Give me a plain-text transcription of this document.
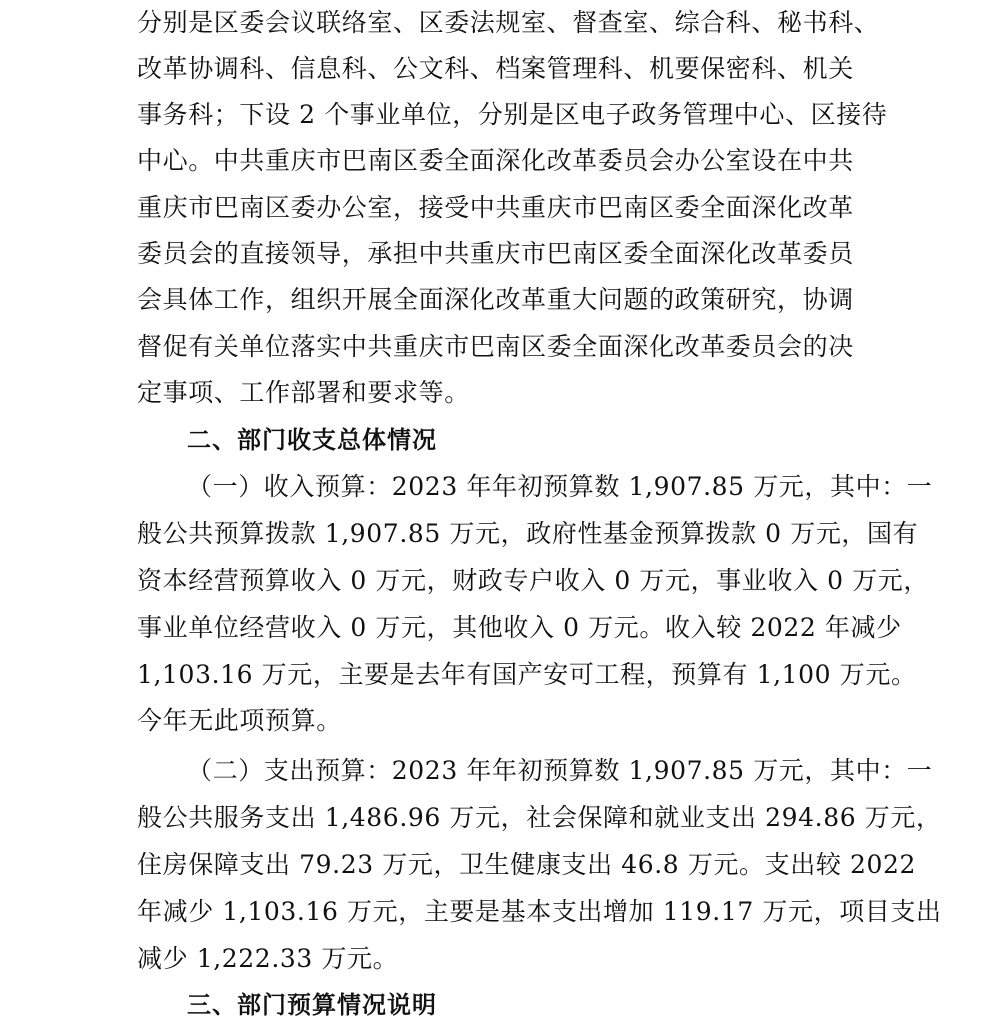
分别是区委会议联络室、区委法规室、督查室、综合科、秘书科、
改革协调科、信息科、公文科、档案管理科、机要保密科、机关
事务科；下设 2 个事业单位，分别是区电子政务管理中心、区接待
中心。中共重庆市巴南区委全面深化改革委员会办公室设在中共
重庆市巴南区委办公室，接受中共重庆市巴南区委全面深化改革
委员会的直接领导，承担中共重庆市巴南区委全面深化改革委员
会具体工作，组织开展全面深化改革重大问题的政策研究，协调
督促有关单位落实中共重庆市巴南区委全面深化改革委员会的决
定事项、工作部署和要求等。
二、部门收支总体情况
（一）收入预算：2023 年年初预算数 1,907.85 万元，其中：一
般公共预算拨款 1,907.85 万元，政府性基金预算拨款 0 万元，国有
资本经营预算收入 0 万元，财政专户收入 0 万元，事业收入 0 万元，
事业单位经营收入 0 万元，其他收入 0 万元。收入较 2022 年减少
1,103.16 万元，主要是去年有国产安可工程，预算有 1,100 万元。
今年无此项预算。
（二）支出预算：2023 年年初预算数 1,907.85 万元，其中：一
般公共服务支出 1,486.96 万元，社会保障和就业支出 294.86 万元，
住房保障支出 79.23 万元，卫生健康支出 46.8 万元。支出较 2022
年减少 1,103.16 万元，主要是基本支出增加 119.17 万元，项目支出
减少 1,222.33 万元。
三、部门预算情况说明
